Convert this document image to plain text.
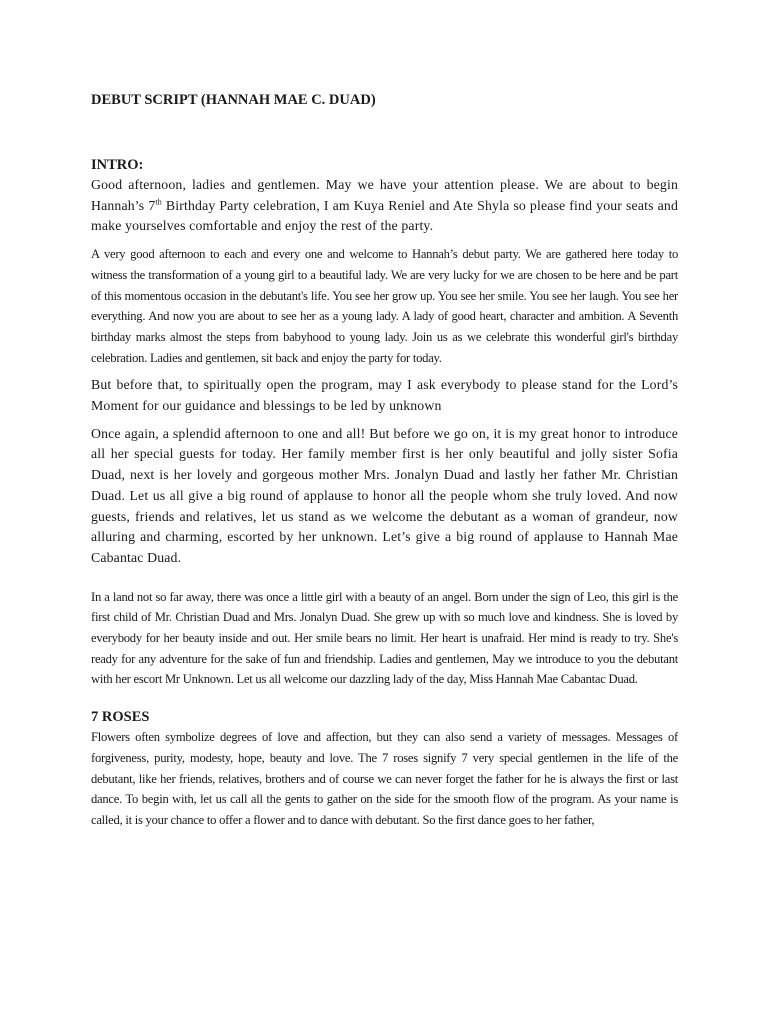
DEBUT SCRIPT (HANNAH MAE C. DUAD)
INTRO:

Good afternoon, ladies and gentlemen. May we have your attention please. We are about to begin Hannah’s 7th Birthday Party celebration, I am Kuya Reniel and Ate Shyla so please find your seats and make yourselves comfortable and enjoy the rest of the party.

A very good afternoon to each and every one and welcome to Hannah’s debut party. We are gathered here today to witness the transformation of a young girl to a beautiful lady. We are very lucky for we are chosen to be here and be part of this momentous occasion in the debutant's life. You see her grow up. You see her smile. You see her laugh. You see her everything. And now you are about to see her as a young lady. A lady of good heart, character and ambition. A Seventh birthday marks almost the steps from babyhood to young lady. Join us as we celebrate this wonderful girl's birthday celebration. Ladies and gentlemen, sit back and enjoy the party for today.

But before that, to spiritually open the program, may I ask everybody to please stand for the Lord’s Moment for our guidance and blessings to be led by unknown

Once again, a splendid afternoon to one and all! But before we go on, it is my great honor to introduce all her special guests for today. Her family member first is her only beautiful and jolly sister Sofia Duad, next is her lovely and gorgeous mother Mrs. Jonalyn Duad and lastly her father Mr. Christian Duad. Let us all give a big round of applause to honor all the people whom she truly loved. And now guests, friends and relatives, let us stand as we welcome the debutant as a woman of grandeur, now alluring and charming, escorted by her unknown. Let’s give a big round of applause to Hannah Mae Cabantac Duad.

In a land not so far away, there was once a little girl with a beauty of an angel. Born under the sign of Leo, this girl is the first child of Mr. Christian Duad and Mrs. Jonalyn Duad. She grew up with so much love and kindness. She is loved by everybody for her beauty inside and out. Her smile bears no limit. Her heart is unafraid. Her mind is ready to try. She's ready for any adventure for the sake of fun and friendship. Ladies and gentlemen, May we introduce to you the debutant with her escort Mr Unknown. Let us all welcome our dazzling lady of the day, Miss Hannah Mae Cabantac Duad.

7 ROSES

Flowers often symbolize degrees of love and affection, but they can also send a variety of messages. Messages of forgiveness, purity, modesty, hope, beauty and love. The 7 roses signify 7 very special gentlemen in the life of the debutant, like her friends, relatives, brothers and of course we can never forget the father for he is always the first or last dance. To begin with, let us call all the gents to gather on the side for the smooth flow of the program. As your name is called, it is your chance to offer a flower and to dance with debutant. So the first dance goes to her father,
